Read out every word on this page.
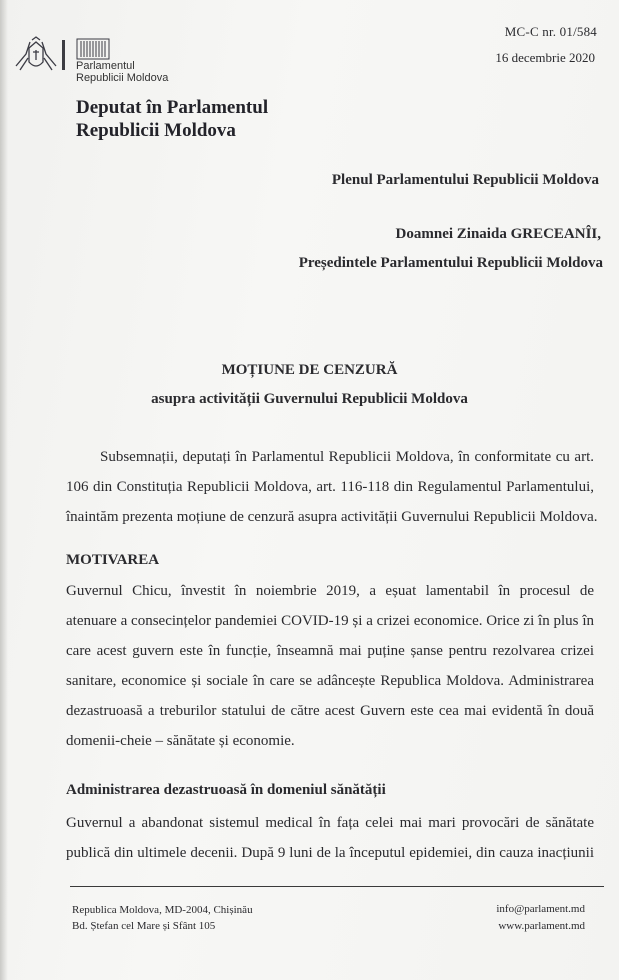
Parlamentul
Republicii Moldova
MC-C nr. 01/584
16 decembrie 2020
Deputat în Parlamentul
Republicii Moldova
Plenul Parlamentului Republicii Moldova
Doamnei Zinaida GRECEANÎI,
Președintele Parlamentului Republicii Moldova
MOȚIUNE DE CENZURĂ
asupra activității Guvernului Republicii Moldova
Subsemnații, deputați în Parlamentul Republicii Moldova, în conformitate cu art.
106 din Constituția Republicii Moldova, art. 116-118 din Regulamentul Parlamentului,
înaintăm prezenta moțiune de cenzură asupra activității Guvernului Republicii Moldova.
MOTIVAREA
Guvernul Chicu, învestit în noiembrie 2019, a eșuat lamentabil în procesul de
atenuare a consecințelor pandemiei COVID-19 și a crizei economice. Orice zi în plus în
care acest guvern este în funcție, înseamnă mai puține șanse pentru rezolvarea crizei
sanitare, economice și sociale în care se adâncește Republica Moldova. Administrarea
dezastruoasă a treburilor statului de către acest Guvern este cea mai evidentă în două
domenii-cheie – sănătate și economie.
Administrarea dezastruoasă în domeniul sănătății
Guvernul a abandonat sistemul medical în fața celei mai mari provocări de sănătate
publică din ultimele decenii. După 9 luni de la începutul epidemiei, din cauza inacțiunii
Republica Moldova, MD-2004, Chișinău
Bd. Ștefan cel Mare și Sfânt 105
info@parlament.md
www.parlament.md
